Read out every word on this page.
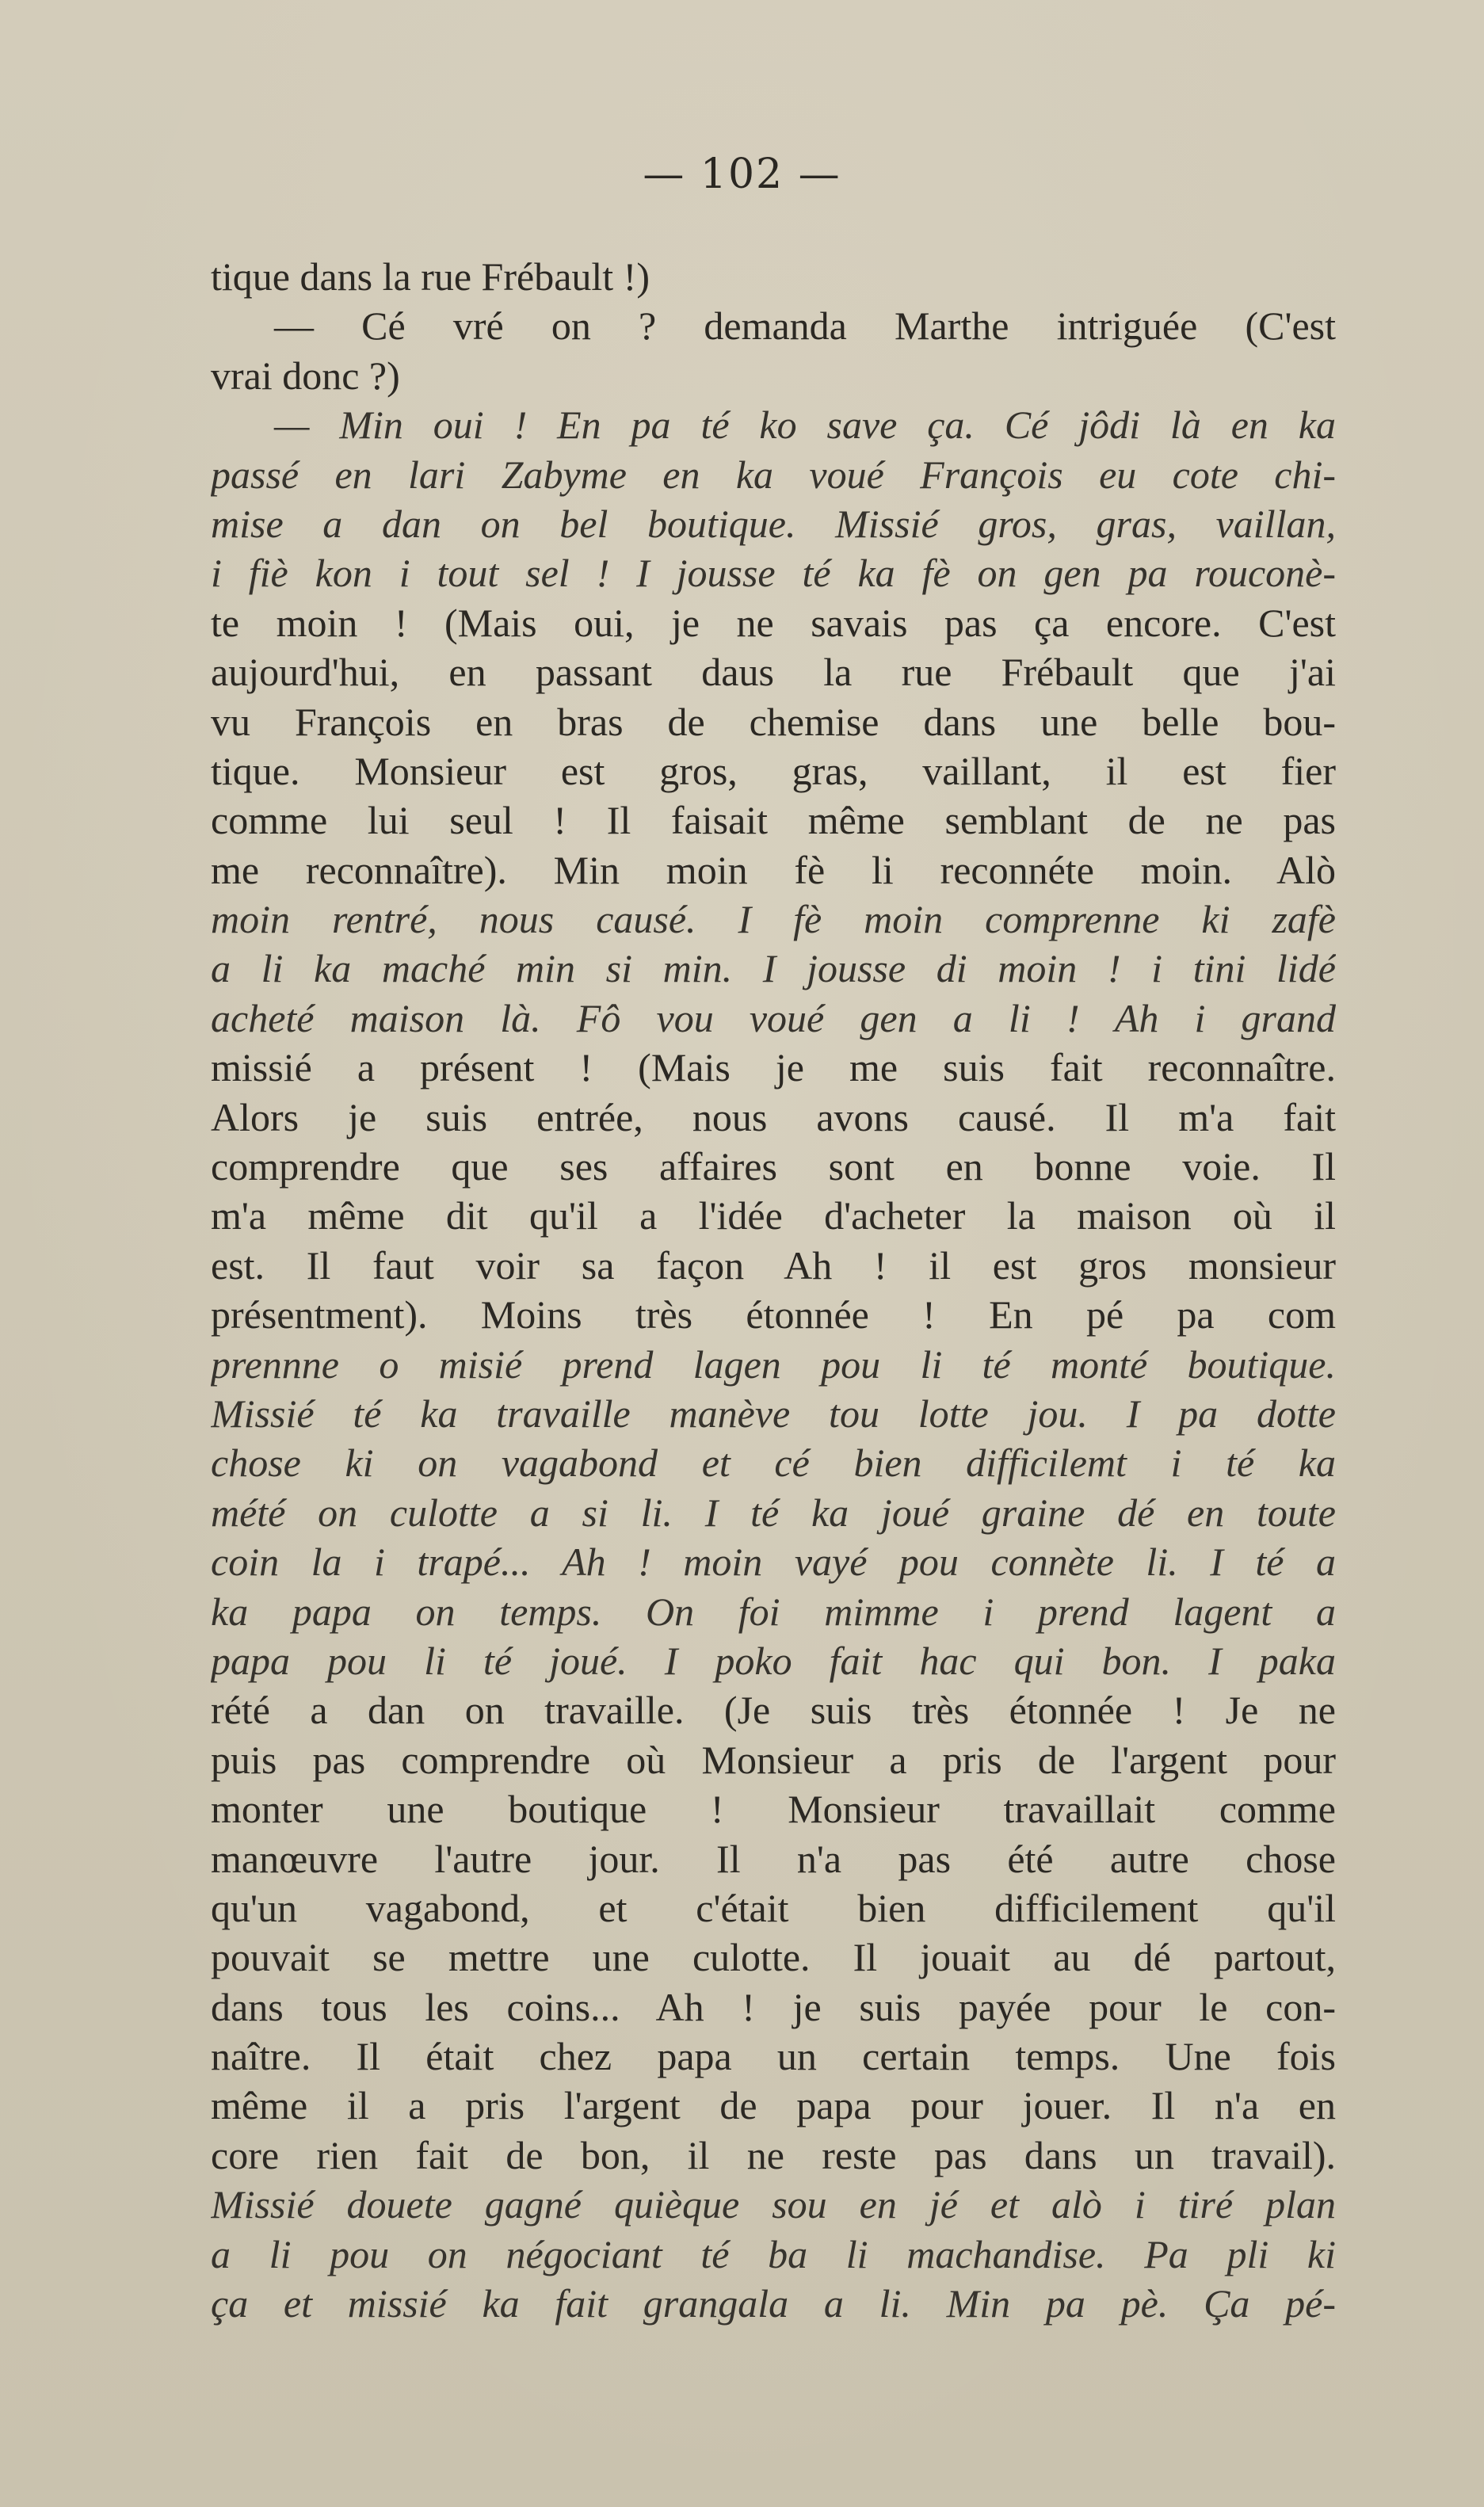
— 102 —
tique dans la rue Frébault !)
— Cé vré on ? demanda Marthe intriguée (C'est
vrai donc ?)
— Min oui ! En pa té ko save ça. Cé jôdi là en ka
passé en lari Zabyme en ka voué François eu cote chi-
mise a dan on bel boutique. Missié gros, gras, vaillan,
i fiè kon i tout sel ! I jousse té ka fè on gen pa rouconè-
te moin ! (Mais oui, je ne savais pas ça encore. C'est
aujourd'hui, en passant daus la rue Frébault que j'ai
vu François en bras de chemise dans une belle bou-
tique. Monsieur est gros, gras, vaillant, il est fier
comme lui seul ! Il faisait même semblant de ne pas
me reconnaître). Min moin fè li reconnéte moin. Alò
moin rentré, nous causé. I fè moin comprenne ki zafè
a li ka maché min si min. I jousse di moin ! i tini lidé
acheté maison là. Fô vou voué gen a li ! Ah i grand
missié a présent ! (Mais je me suis fait reconnaître.
Alors je suis entrée, nous avons causé. Il m'a fait
comprendre que ses affaires sont en bonne voie. Il
m'a même dit qu'il a l'idée d'acheter la maison où il
est. Il faut voir sa façon Ah ! il est gros monsieur
présentment). Moins très étonnée ! En pé pa com
prennne o misié prend lagen pou li té monté boutique.
Missié té ka travaille manève tou lotte jou. I pa dotte
chose ki on vagabond et cé bien difficilemt i té ka
mété on culotte a si li. I té ka joué graine dé en toute
coin la i trapé... Ah ! moin vayé pou connète li. I té a
ka papa on temps. On foi mimme i prend lagent a
papa pou li té joué. I poko fait hac qui bon. I paka
rété a dan on travaille. (Je suis très étonnée ! Je ne
puis pas comprendre où Monsieur a pris de l'argent pour
monter une boutique ! Monsieur travaillait comme
manœuvre l'autre jour. Il n'a pas été autre chose
qu'un vagabond, et c'était bien difficilement qu'il
pouvait se mettre une culotte. Il jouait au dé partout,
dans tous les coins... Ah ! je suis payée pour le con-
naître. Il était chez papa un certain temps. Une fois
même il a pris l'argent de papa pour jouer. Il n'a en
core rien fait de bon, il ne reste pas dans un travail).
Missié douete gagné quièque sou en jé et alò i tiré plan
a li pou on négociant té ba li machandise. Pa pli ki
ça et missié ka fait grangala a li. Min pa pè. Ça pé-
